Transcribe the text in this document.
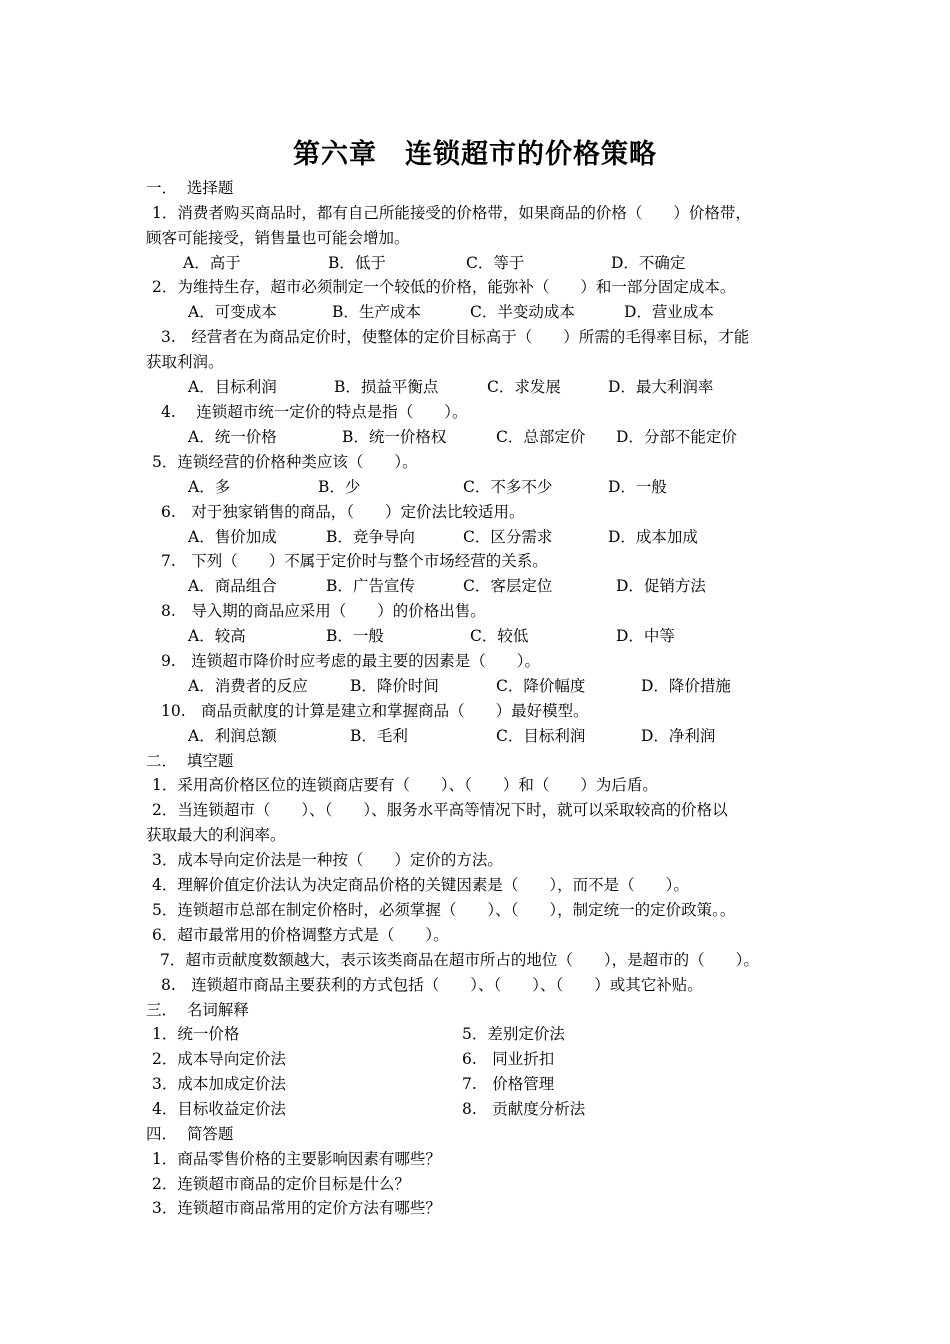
第六章　连锁超市的价格策略
一．  选择题
1．消费者购买商品时，都有自己所能接受的价格带，如果商品的价格（　　）价格带，
顾客可能接受，销售量也可能会增加。
A．高于	B．低于	C．等于	D．不确定
2．为维持生存，超市必须制定一个较低的价格，能弥补（　　）和一部分固定成本。
A．可变成本	B．生产成本	C．半变动成本	D．营业成本
3.　经营者在为商品定价时，使整体的定价目标高于（　　）所需的毛得率目标，才能
获取利润。
A．目标利润	B．损益平衡点	C．求发展	D．最大利润率
4.　 连锁超市统一定价的特点是指（　　）。
A．统一价格	B．统一价格权	C．总部定价 D．分部不能定价
5．连锁经营的价格种类应该（　　）。
A．多	B．少	C．不多不少	D．一般
6.　对于独家销售的商品，（　　）定价法比较适用。
A．售价加成	B．竞争导向	C．区分需求	D．成本加成
7.　下列（　　）不属于定价时与整个市场经营的关系。
A．商品组合	B．广告宣传	C．客层定位	D．促销方法
8.　导入期的商品应采用（　　）的价格出售。
A．较高	B．一般	C．较低	D．中等
9.　连锁超市降价时应考虑的最主要的因素是（　　）。
A．消费者的反应	B．降价时间	C．降价幅度	D．降价措施
10.　商品贡献度的计算是建立和掌握商品（　　）最好模型。
A．利润总额	B．毛利	C．目标利润	D．净利润
二．  填空题
1．采用高价格区位的连锁商店要有（　　）、（　　）和（　　）为后盾。
2．当连锁超市（　　）、（　　）、服务水平高等情况下时，就可以采取较高的价格以
获取最大的利润率。
3．成本导向定价法是一种按（　　）定价的方法。
4．理解价值定价法认为决定商品价格的关键因素是（　　），而不是（　　）。
5．连锁超市总部在制定价格时，必须掌握（　　）、（　　），制定统一的定价政策。。
6．超市最常用的价格调整方式是（　　）。
7．超市贡献度数额越大，表示该类商品在超市所占的地位（　　），是超市的（　　）。
8.　连锁超市商品主要获利的方式包括（　　）、（　　）、（　　）或其它补贴。
三．  名词解释
1．统一价格	5．差别定价法
2．成本导向定价法	6.　同业折扣
3．成本加成定价法	7.　价格管理
4．目标收益定价法	8.　贡献度分析法
四．  简答题
1．商品零售价格的主要影响因素有哪些？
2．连锁超市商品的定价目标是什么？
3．连锁超市商品常用的定价方法有哪些？
